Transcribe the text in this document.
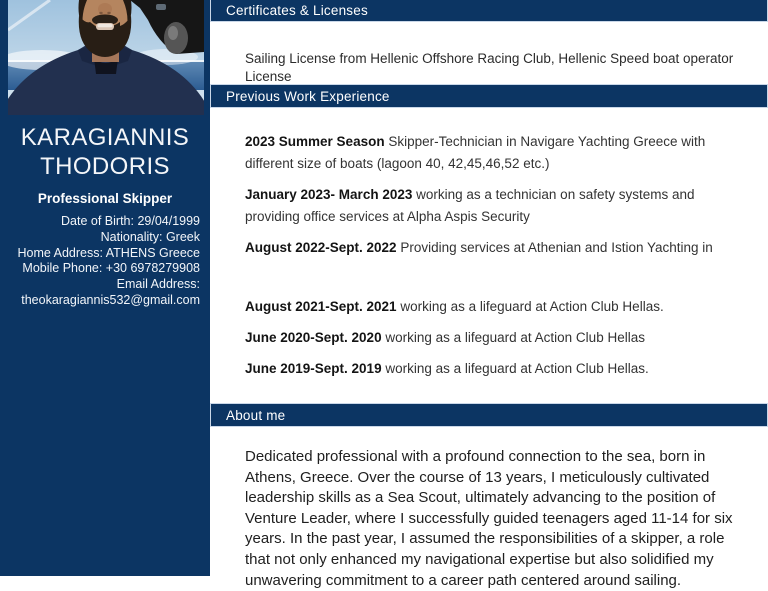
KARAGIANNIS
THODORIS
Professional Skipper
Date of Birth: 29/04/1999
Nationality: Greek
Home Address: ATHENS Greece
Mobile Phone: +30 6978279908
Email Address:
theokaragiannis532@gmail.com
Certificates & Licenses

Sailing License from Hellenic Offshore Racing Club, Hellenic Speed boat operator License

Previous Work Experience

2023 Summer Season Skipper-Technician in Navigare Yachting Greece with different size of boats (lagoon 40, 42,45,46,52 etc.)

January 2023- March 2023 working as a technician on safety systems and providing office services at Alpha Aspis Security

August 2022-Sept. 2022 Providing services at Athenian and Istion Yachting in

August 2021-Sept. 2021 working as a lifeguard at Action Club Hellas.

June 2020-Sept. 2020 working as a lifeguard at Action Club Hellas

June 2019-Sept. 2019 working as a lifeguard at Action Club Hellas.

About me

Dedicated professional with a profound connection to the sea, born in Athens, Greece. Over the course of 13 years, I meticulously cultivated leadership skills as a Sea Scout, ultimately advancing to the position of Venture Leader, where I successfully guided teenagers aged 11-14 for six years. In the past year, I assumed the responsibilities of a skipper, a role that not only enhanced my navigational expertise but also solidified my unwavering commitment to a career path centered around sailing.
